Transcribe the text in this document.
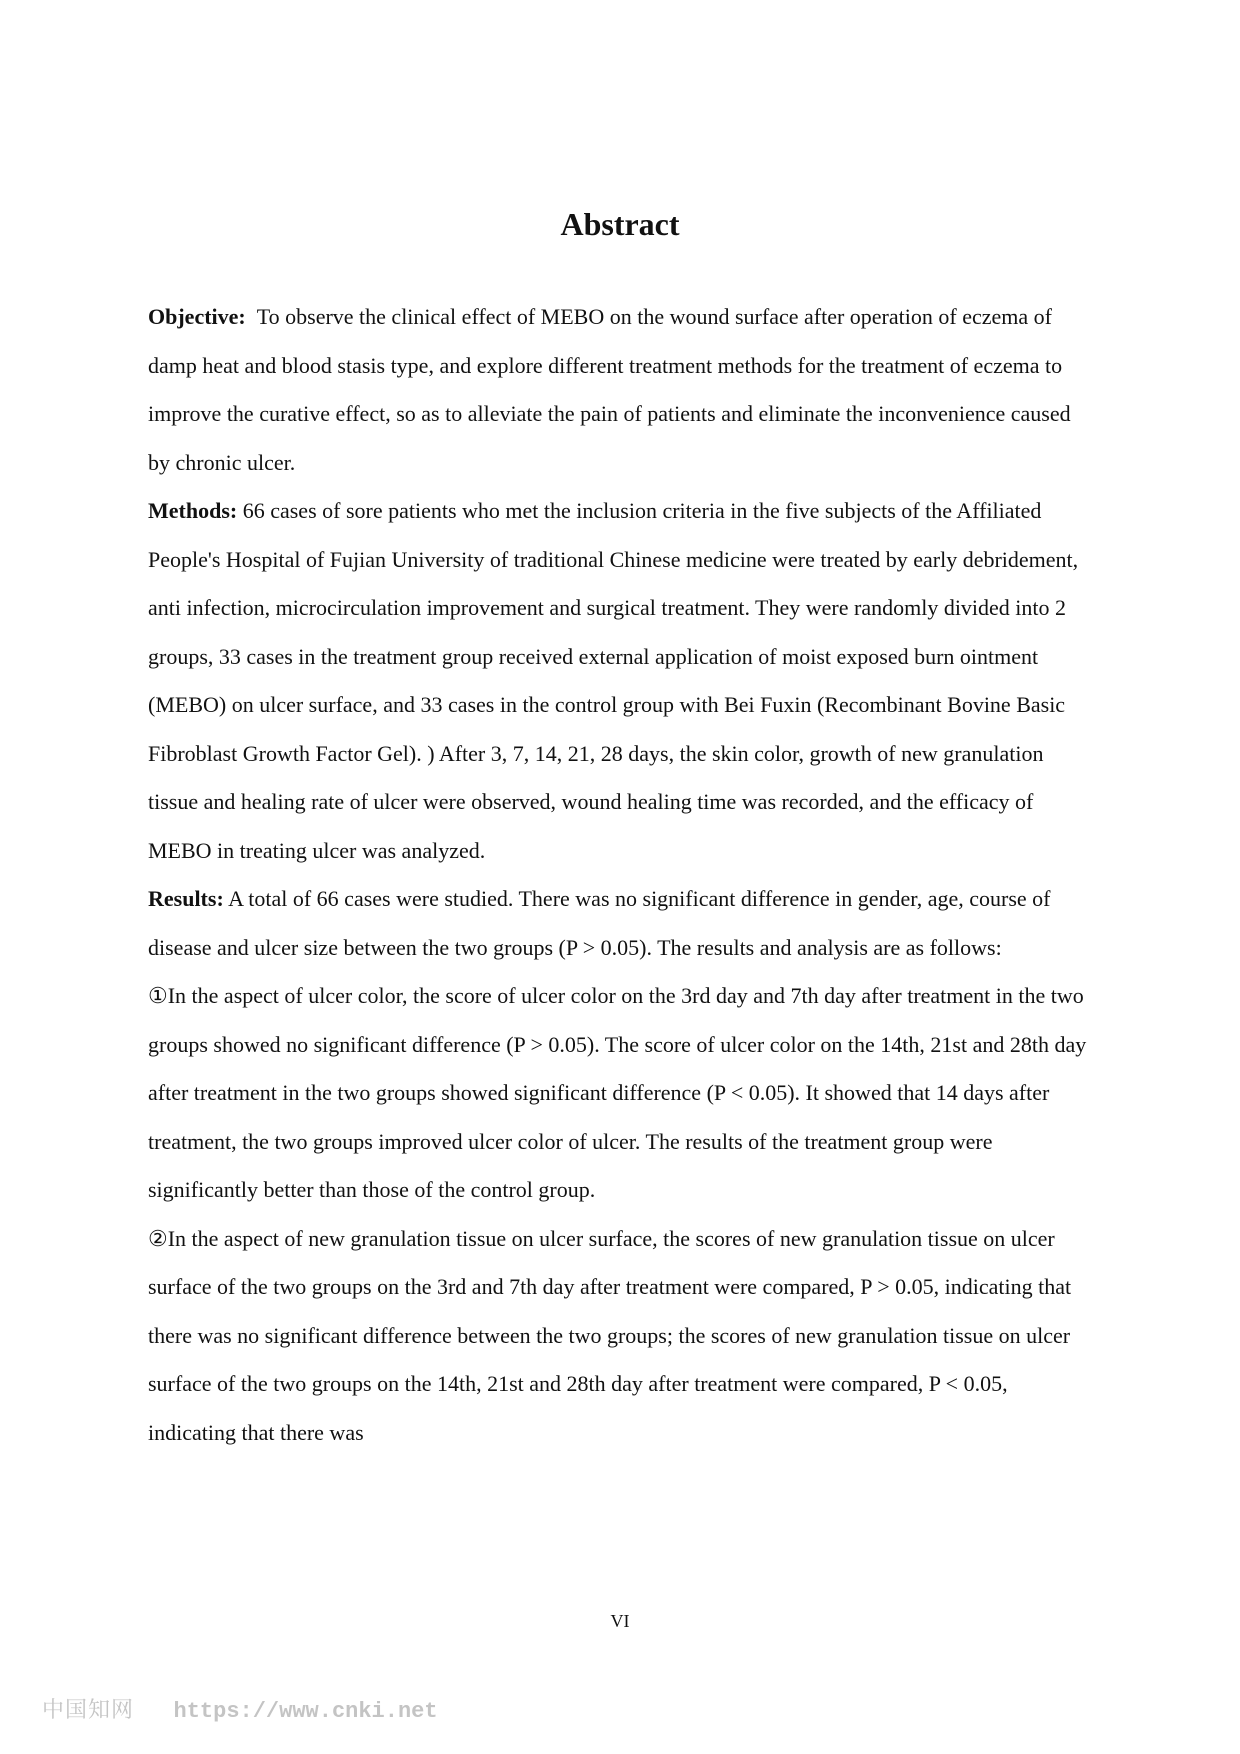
Abstract

Objective: To observe the clinical effect of MEBO on the wound surface after operation of eczema of damp heat and blood stasis type, and explore different treatment methods for the treatment of eczema to improve the curative effect, so as to alleviate the pain of patients and eliminate the inconvenience caused by chronic ulcer.

Methods: 66 cases of sore patients who met the inclusion criteria in the five subjects of the Affiliated People's Hospital of Fujian University of traditional Chinese medicine were treated by early debridement, anti infection, microcirculation improvement and surgical treatment. They were randomly divided into 2 groups, 33 cases in the treatment group received external application of moist exposed burn ointment (MEBO) on ulcer surface, and 33 cases in the control group with Bei Fuxin (Recombinant Bovine Basic Fibroblast Growth Factor Gel). ) After 3, 7, 14, 21, 28 days, the skin color, growth of new granulation tissue and healing rate of ulcer were observed, wound healing time was recorded, and the efficacy of MEBO in treating ulcer was analyzed.

Results: A total of 66 cases were studied. There was no significant difference in gender, age, course of disease and ulcer size between the two groups (P > 0.05). The results and analysis are as follows:

①In the aspect of ulcer color, the score of ulcer color on the 3rd day and 7th day after treatment in the two groups showed no significant difference (P > 0.05). The score of ulcer color on the 14th, 21st and 28th day after treatment in the two groups showed significant difference (P < 0.05). It showed that 14 days after treatment, the two groups improved ulcer color of ulcer. The results of the treatment group were significantly better than those of the control group.

②In the aspect of new granulation tissue on ulcer surface, the scores of new granulation tissue on ulcer surface of the two groups on the 3rd and 7th day after treatment were compared, P > 0.05, indicating that there was no significant difference between the two groups; the scores of new granulation tissue on ulcer surface of the two groups on the 14th, 21st and 28th day after treatment were compared, P < 0.05, indicating that there was

VI
中国知网 https://www.cnki.net
